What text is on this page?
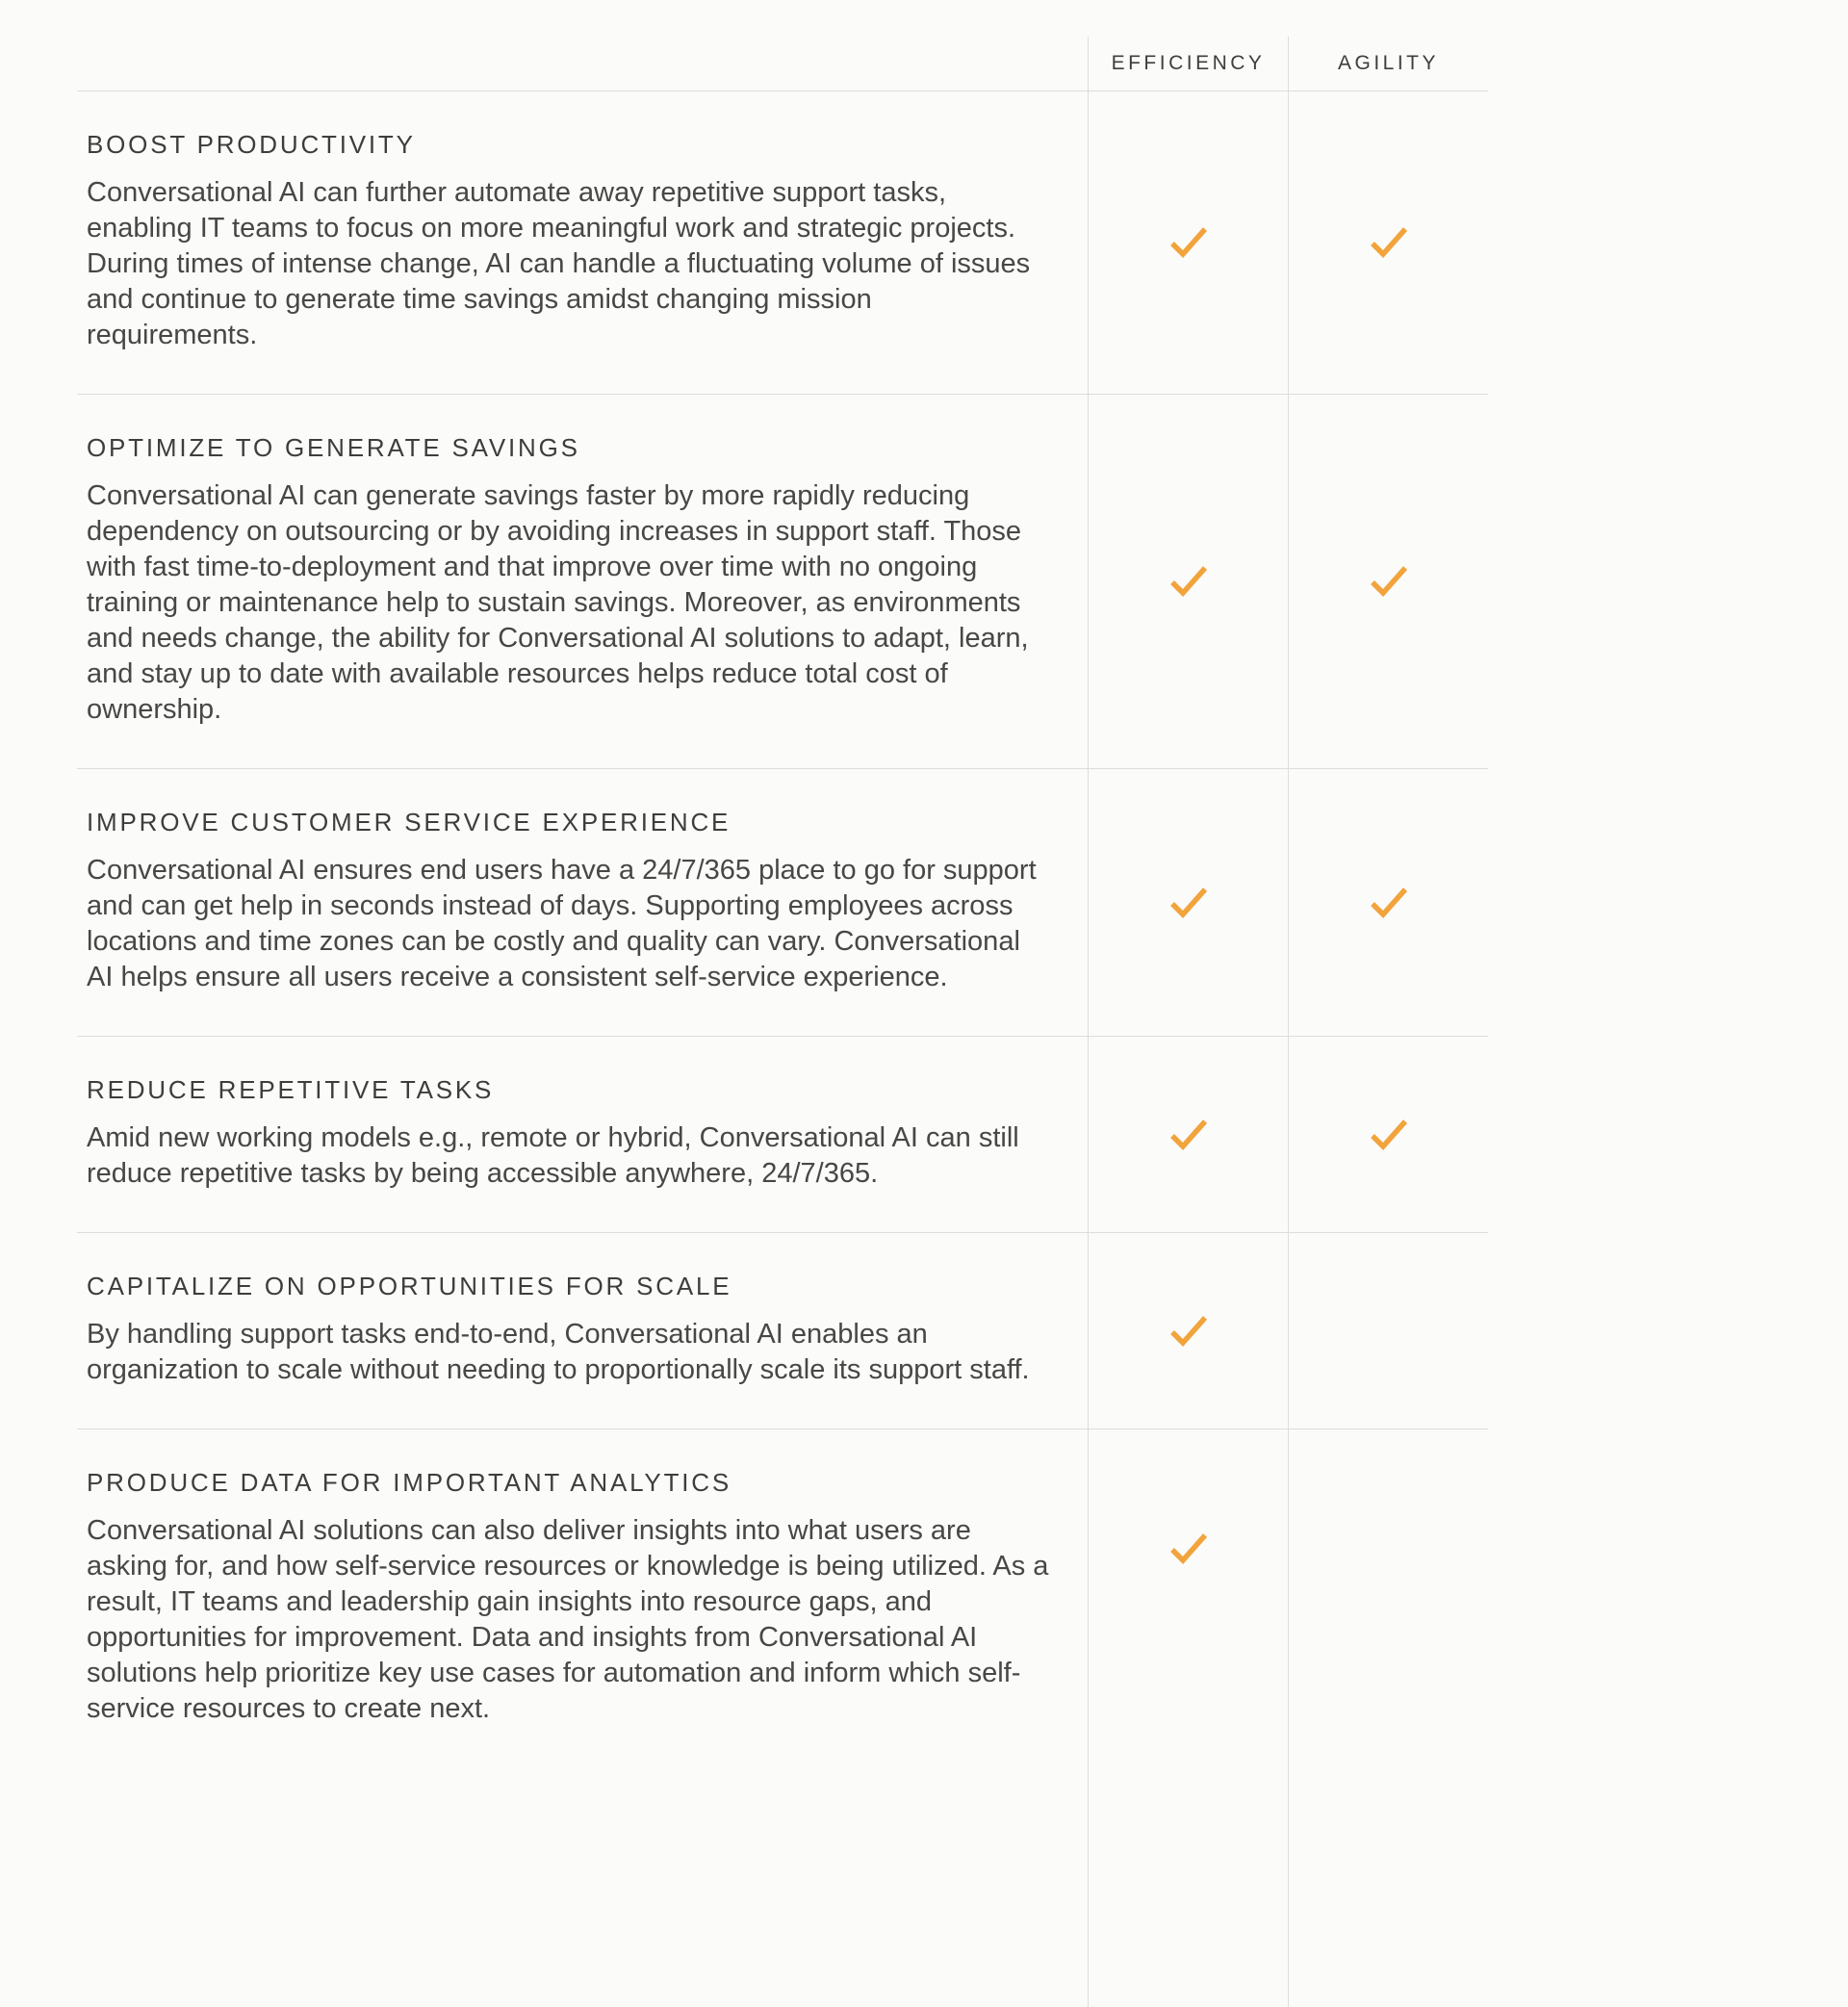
EFFICIENCY	AGILITY
BOOST PRODUCTIVITY

Conversational AI can further automate away repetitive support tasks, enabling IT teams to focus on more meaningful work and strategic projects. During times of intense change, AI can handle a fluctuating volume of issues and continue to generate time savings amidst changing mission requirements.

OPTIMIZE TO GENERATE SAVINGS

Conversational AI can generate savings faster by more rapidly reducing dependency on outsourcing or by avoiding increases in support staff. Those with fast time-to-deployment and that improve over time with no ongoing training or maintenance help to sustain savings. Moreover, as environments and needs change, the ability for Conversational AI solutions to adapt, learn, and stay up to date with available resources helps reduce total cost of ownership.

IMPROVE CUSTOMER SERVICE EXPERIENCE

Conversational AI ensures end users have a 24/7/365 place to go for support and can get help in seconds instead of days. Supporting employees across locations and time zones can be costly and quality can vary. Conversational AI helps ensure all users receive a consistent self-service experience.

REDUCE REPETITIVE TASKS

Amid new working models e.g., remote or hybrid, Conversational AI can still reduce repetitive tasks by being accessible anywhere, 24/7/365.

CAPITALIZE ON OPPORTUNITIES FOR SCALE

By handling support tasks end-to-end, Conversational AI enables an organization to scale without needing to proportionally scale its support staff.

PRODUCE DATA FOR IMPORTANT ANALYTICS

Conversational AI solutions can also deliver insights into what users are asking for, and how self-service resources or knowledge is being utilized. As a result, IT teams and leadership gain insights into resource gaps, and opportunities for improvement. Data and insights from Conversational AI solutions help prioritize key use cases for automation and inform which self-service resources to create next.
